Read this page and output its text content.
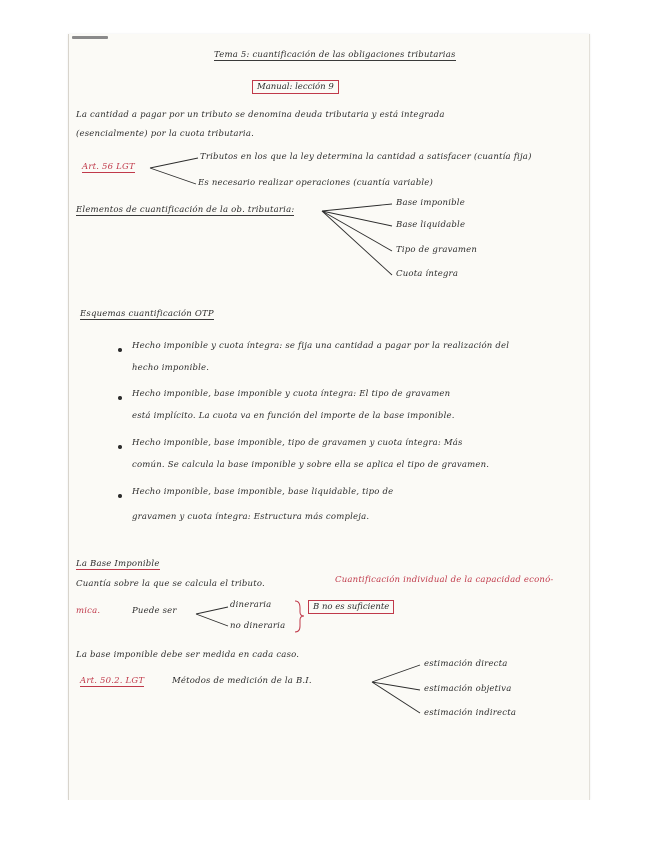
Tema 5: cuantificación de las obligaciones tributarias
Manual: lección 9
La cantidad a pagar por un tributo se denomina deuda tributaria y está integrada
(esencialmente) por la cuota tributaria.
Art. 56 LGT
Tributos en los que la ley determina la cantidad a satisfacer (cuantía fija)
Es necesario realizar operaciones (cuantía variable)
Elementos de cuantificación de la ob. tributaria:
Base imponible
Base liquidable
Tipo de gravamen
Cuota íntegra
Esquemas cuantificación OTP
Hecho imponible y cuota íntegra: se fija una cantidad a pagar por la realización del
hecho imponible.
Hecho imponible, base imponible y cuota íntegra: El tipo de gravamen
está implícito. La cuota va en función del importe de la base imponible.
Hecho imponible, base imponible, tipo de gravamen y cuota íntegra: Más
común. Se calcula la base imponible y sobre ella se aplica el tipo de gravamen.
Hecho imponible, base imponible, base liquidable, tipo de
gravamen y cuota íntegra: Estructura más compleja.
La Base Imponible
Cuantía sobre la que se calcula el tributo.	Cuantificación individual de la capacidad econó-
mica.	Puede ser
dineraria
no dineraria
B no es suficiente
La base imponible debe ser medida en cada caso.
Art. 50.2. LGT	Métodos de medición de la B.I.
estimación directa
estimación objetiva
estimación indirecta
